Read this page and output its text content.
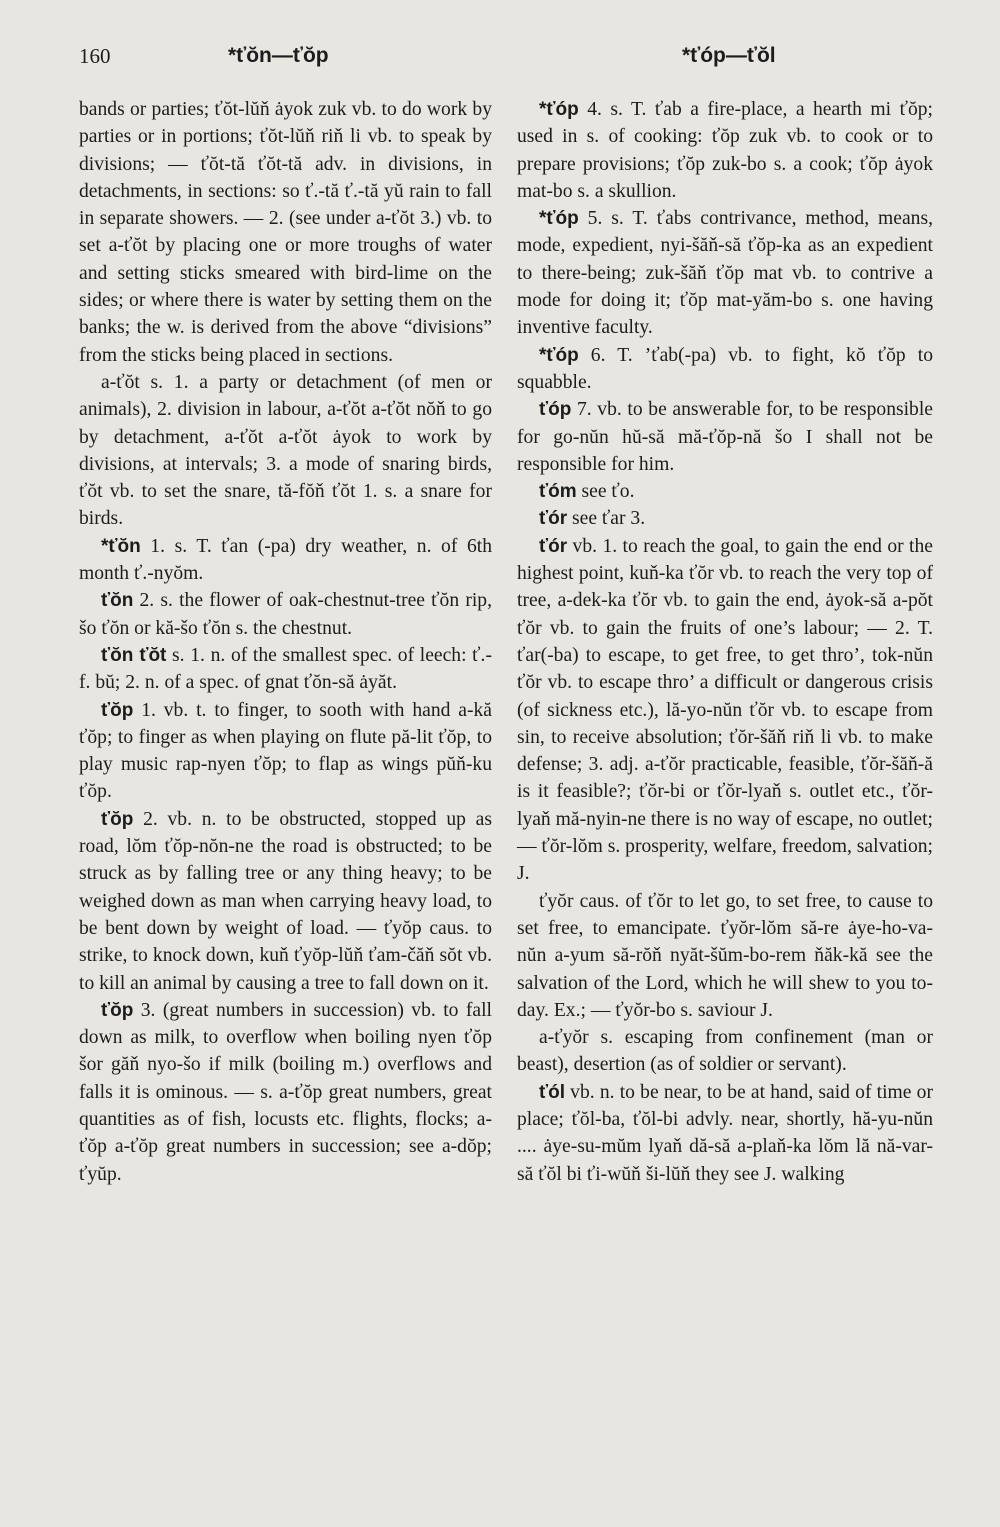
160	*ťŏn—ťŏp	*ťóp—ťŏl
bands or parties; ťŏt-lŭň ȧyok zuk vb. to do work by parties or in portions; ťŏt-lŭň riň li vb. to speak by divisions; — ťŏt-tă ťŏt-tă adv. in divisions, in detachments, in sections: so ť.-tă ť.-tă yŭ rain to fall in separate showers. — 2. (see under a-ťŏt 3.) vb. to set a-ťŏt by placing one or more troughs of water and setting sticks smeared with bird-lime on the sides; or where there is water by setting them on the banks; the w. is derived from the above “divisions” from the sticks being placed in sections.
a-ťŏt s. 1. a party or detachment (of men or animals), 2. division in labour, a-ťŏt a-ťŏt nŏň to go by detachment, a-ťŏt a-ťŏt ȧyok to work by divisions, at intervals; 3. a mode of snaring birds, ťŏt vb. to set the snare, tă-fŏň ťŏt 1. s. a snare for birds.
*ťŏn 1. s. T. ťan (-pa) dry weather, n. of 6th month ť.-nyŏm.
ťŏn 2. s. the flower of oak-chestnut-tree ťŏn rip, šo ťŏn or kă-šo ťŏn s. the chestnut.
ťŏn ťŏt s. 1. n. of the smallest spec. of leech: ť.-f. bŭ; 2. n. of a spec. of gnat ťŏn-să ȧyăt.
ťŏp 1. vb. t. to finger, to sooth with hand a-kă ťŏp; to finger as when playing on flute pă-lit ťŏp, to play music rap-nyen ťŏp; to flap as wings pŭň-ku ťŏp.
ťŏp 2. vb. n. to be obstructed, stopped up as road, lŏm ťŏp-nŏn-ne the road is obstructed; to be struck as by falling tree or any thing heavy; to be weighed down as man when carrying heavy load, to be bent down by weight of load. — ťyŏp caus. to strike, to knock down, kuň ťyŏp-lŭň ťam-čăň sŏt vb. to kill an animal by causing a tree to fall down on it.
ťŏp 3. (great numbers in succession) vb. to fall down as milk, to overflow when boiling nyen ťŏp šor găň nyo-šo if milk (boiling m.) overflows and falls it is ominous. — s. a-ťŏp great numbers, great quantities as of fish, locusts etc. flights, flocks; a-ťŏp a-ťŏp great numbers in succession; see a-dŏp; ťyŭp.
*ťóp 4. s. T. ťab a fire-place, a hearth mi ťŏp; used in s. of cooking: ťŏp zuk vb. to cook or to prepare provisions; ťŏp zuk-bo s. a cook; ťŏp ȧyok mat-bo s. a skullion.
*ťóp 5. s. T. ťabs contrivance, method, means, mode, expedient, nyi-šăň-să ťŏp-ka as an expedient to there-being; zuk-šăň ťŏp mat vb. to contrive a mode for doing it; ťŏp mat-yăm-bo s. one having inventive faculty.
*ťóp 6. T. ’ťab(-pa) vb. to fight, kŏ ťŏp to squabble.
ťóp 7. vb. to be answerable for, to be responsible for go-nŭn hŭ-să mă-ťŏp-nă šo I shall not be responsible for him.
ťóm see ťo.
ťór see ťar 3.
ťór vb. 1. to reach the goal, to gain the end or the highest point, kuň-ka ťŏr vb. to reach the very top of tree, a-dek-ka ťŏr vb. to gain the end, ȧyok-să a-pŏt ťŏr vb. to gain the fruits of one’s labour; — 2. T. ťar(-ba) to escape, to get free, to get thro’, tok-nŭn ťŏr vb. to escape thro’ a difficult or dangerous crisis (of sickness etc.), lă-yo-nŭn ťŏr vb. to escape from sin, to receive absolution; ťŏr-šăň riň li vb. to make defense; 3. adj. a-ťŏr practicable, feasible, ťŏr-šăň-ă is it feasible?; ťŏr-bi or ťŏr-lyaň s. outlet etc., ťŏr-lyaň mă-nyin-ne there is no way of escape, no outlet; — ťŏr-lŏm s. prosperity, welfare, freedom, salvation; J.
ťyŏr caus. of ťŏr to let go, to set free, to cause to set free, to emancipate. ťyŏr-lŏm să-re ȧye-ho-va-nŭn a-yum să-rŏň nyăt-šŭm-bo-rem ňăk-kă see the salvation of the Lord, which he will shew to you to-day. Ex.; — ťyŏr-bo s. saviour J.
a-ťyŏr s. escaping from confinement (man or beast), desertion (as of soldier or servant).
ťól vb. n. to be near, to be at hand, said of time or place; ťŏl-ba, ťŏl-bi advly. near, shortly, hă-yu-nŭn .... ȧye-su-mŭm lyaň dă-să a-plaň-ka lŏm lă nă-var-să ťŏl bi ťi-wŭň ši-lŭň they see J. walking
